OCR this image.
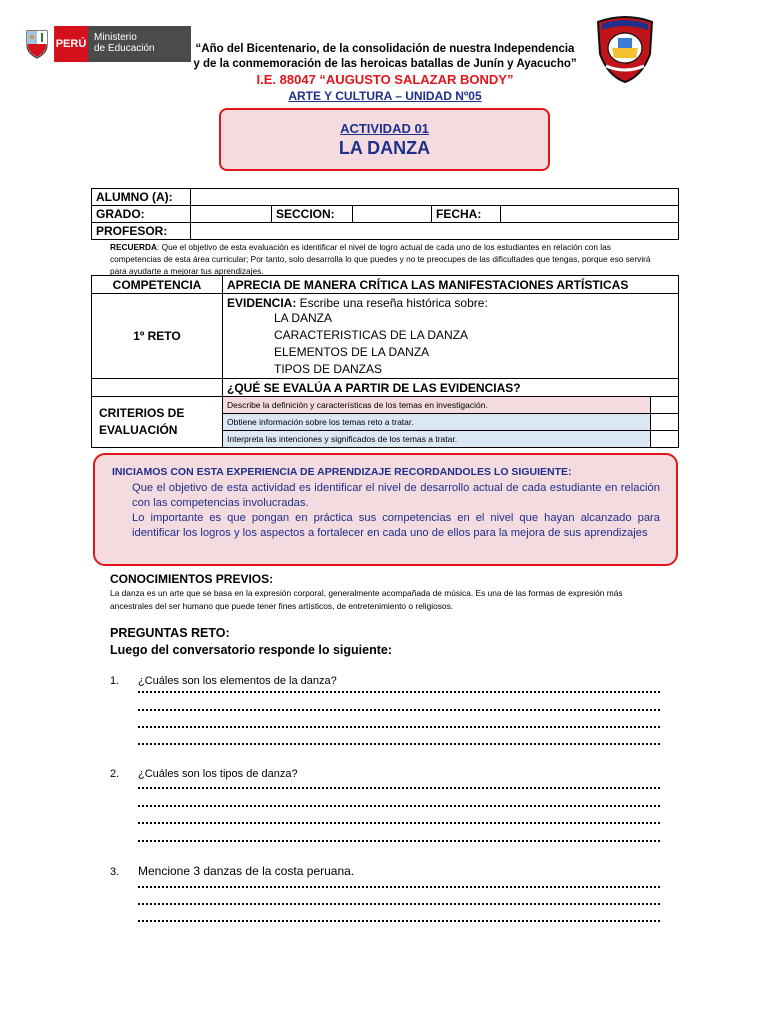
PERÚ
Ministerio
de Educación	“Año del Bicentenario, de la consolidación de nuestra Independencia
y de la conmemoración de las heroicas batallas de Junín y Ayacucho”
I.E. 88047 “AUGUSTO SALAZAR BONDY”
ARTE Y CULTURA – UNIDAD Nº05
ACTIVIDAD 01
LA DANZA
ALUMNO (A):					
GRADO:		SECCION:		FECHA:	
PROFESOR:					
RECUERDA: Que el objetivo de esta evaluación es identificar el nivel de logro actual de cada uno de los estudiantes en relación con las competencias de esta área curricular; Por tanto, solo desarrolla lo que puedes y no te preocupes de las dificultades que tengas, porque eso servirá para ayudarte a mejorar tus aprendizajes.
COMPETENCIA	APRECIA DE MANERA CRÍTICA LAS MANIFESTACIONES ARTÍSTICAS	
1º RETO	EVIDENCIA: Escribe una reseña histórica sobre:
LA DANZA
CARACTERISTICAS DE LA DANZA
ELEMENTOS DE LA DANZA
TIPOS DE DANZAS	

	¿QUÉ SE EVALÚA A PARTIR DE LAS EVIDENCIAS?	

CRITERIOS DE
EVALUACIÓN	Describe la definición y características de los temas en investigación.	
	Obtiene información sobre los temas reto a tratar.	
	Interpreta las intenciones y significados de los temas a tratar.	
INICIAMOS CON ESTA EXPERIENCIA DE APRENDIZAJE RECORDANDOLES LO SIGUIENTE:
Que el objetivo de esta actividad es identificar el nivel de desarrollo actual de cada estudiante en relación con las competencias involucradas.
Lo importante es que pongan en práctica sus competencias en el nivel que hayan alcanzado para identificar los logros y los aspectos a fortalecer en cada uno de ellos para la mejora de sus aprendizajes
CONOCIMIENTOS PREVIOS:
La danza es un arte que se basa en la expresión corporal, generalmente acompañada de música. Es una de las formas de expresión más ancestrales del ser humano que puede tener fines artísticos, de entretenimiento o religiosos.
PREGUNTAS RETO:
Luego del conversatorio responde lo siguiente:
1. ¿Cuáles son los elementos de la danza?
2. ¿Cuáles son los tipos de danza?
3. Mencione 3 danzas de la costa peruana.
